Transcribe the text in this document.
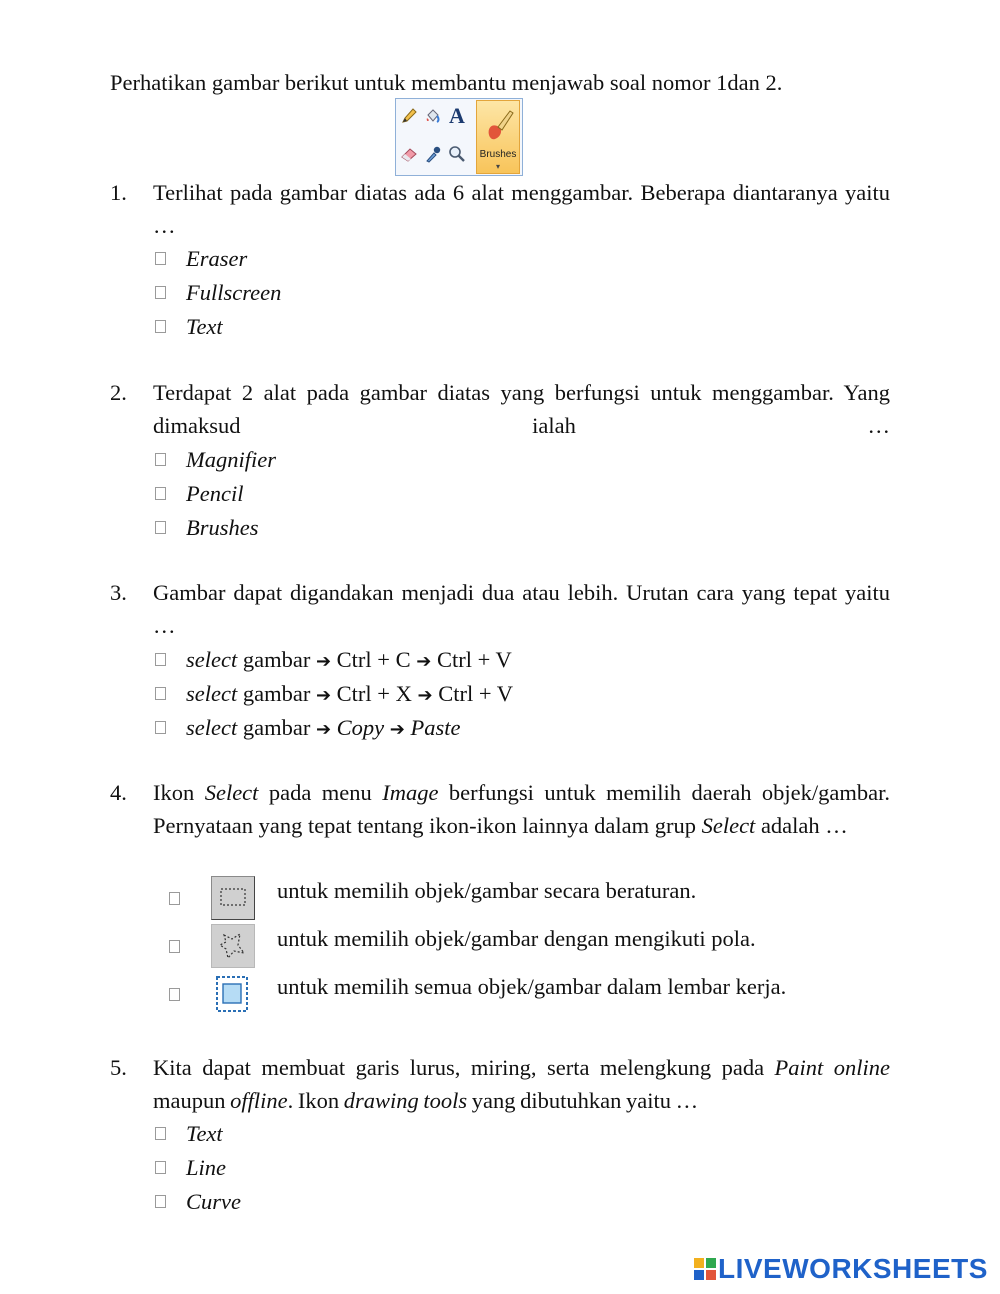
Perhatikan gambar berikut untuk membantu menjawab soal nomor 1dan 2.
A
Brushes
▾
1. Terlihat pada gambar diatas ada 6 alat menggambar. Beberapa diantaranya yaitu …
Eraser
Fullscreen
Text
2. Terdapat 2 alat pada gambar diatas yang berfungsi untuk menggambar. Yang dimaksud ialah …
Magnifier
Pencil
Brushes
3. Gambar dapat digandakan menjadi dua atau lebih. Urutan cara yang tepat yaitu …
select gambar ➔ Ctrl + C ➔ Ctrl + V
select gambar ➔ Ctrl + X ➔ Ctrl + V
select gambar ➔ Copy ➔ Paste
4. Ikon Select pada menu Image berfungsi untuk memilih daerah objek/gambar. Pernyataan yang tepat tentang ikon-ikon lainnya dalam grup Select adalah …
untuk memilih objek/gambar secara beraturan.
untuk memilih objek/gambar dengan mengikuti pola.
untuk memilih semua objek/gambar dalam lembar kerja.
5. Kita dapat membuat garis lurus, miring, serta melengkung pada Paint online maupun offline. Ikon drawing tools yang dibutuhkan yaitu …
Text
Line
Curve
LIVEWORKSHEETS
